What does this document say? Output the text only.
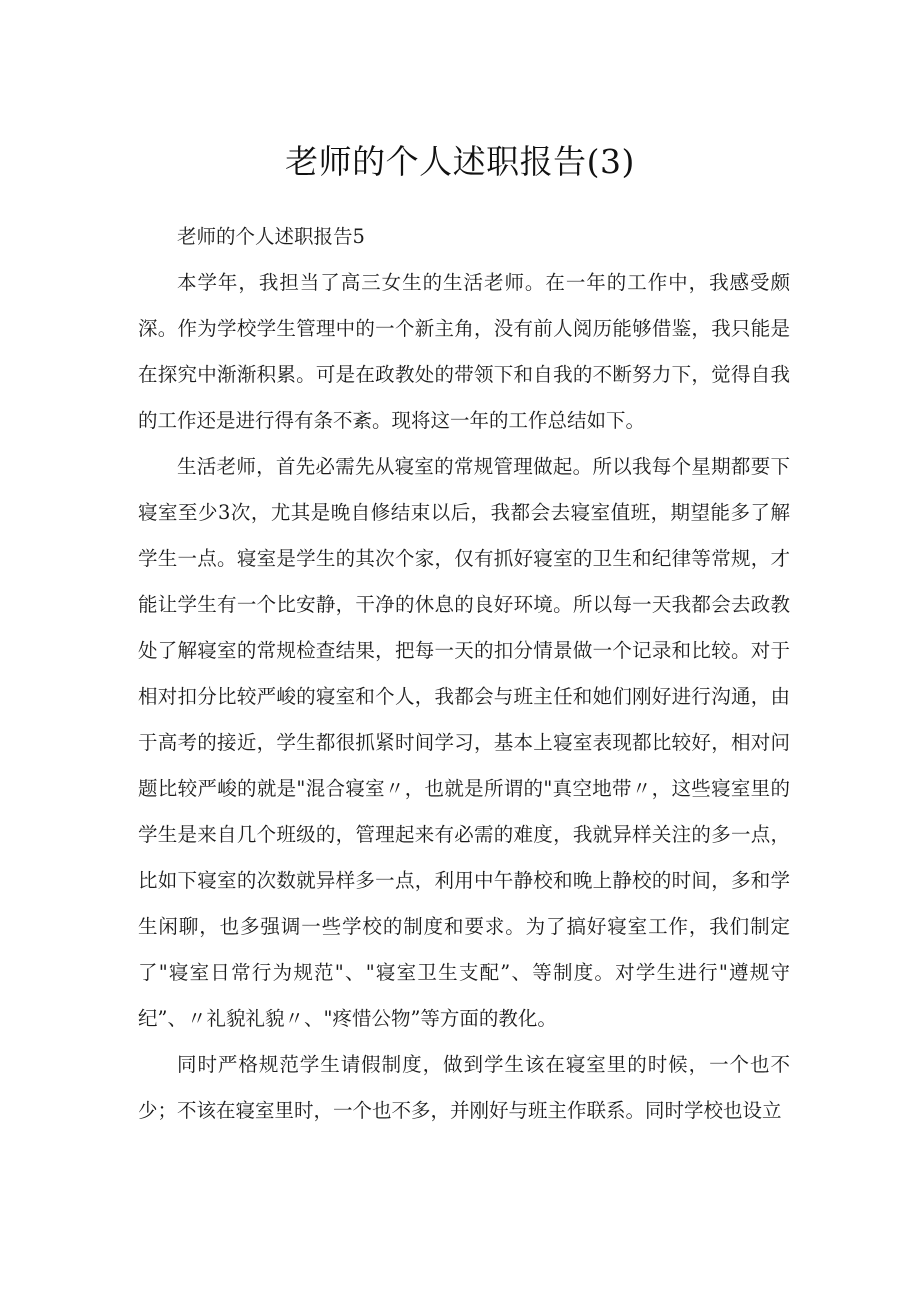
老师的个人述职报告(3)

老师的个人述职报告5

本学年，我担当了高三女生的生活老师。在一年的工作中，我感受颇深。作为学校学生管理中的一个新主角，没有前人阅历能够借鉴，我只能是在探究中渐渐积累。可是在政教处的带领下和自我的不断努力下，觉得自我的工作还是进行得有条不紊。现将这一年的工作总结如下。

生活老师，首先必需先从寝室的常规管理做起。所以我每个星期都要下寝室至少3次，尤其是晚自修结束以后，我都会去寝室值班，期望能多了解学生一点。寝室是学生的其次个家，仅有抓好寝室的卫生和纪律等常规，才能让学生有一个比安静，干净的休息的良好环境。所以每一天我都会去政教处了解寝室的常规检查结果，把每一天的扣分情景做一个记录和比较。对于相对扣分比较严峻的寝室和个人，我都会与班主任和她们刚好进行沟通，由于高考的接近，学生都很抓紧时间学习，基本上寝室表现都比较好，相对问题比较严峻的就是"混合寝室〃，也就是所谓的"真空地带〃，这些寝室里的学生是来自几个班级的，管理起来有必需的难度，我就异样关注的多一点，比如下寝室的次数就异样多一点，利用中午静校和晚上静校的时间，多和学生闲聊，也多强调一些学校的制度和要求。为了搞好寝室工作，我们制定了"寝室日常行为规范"、"寝室卫生支配”、等制度。对学生进行"遵规守纪”、〃礼貌礼貌〃、"疼惜公物”等方面的教化。

同时严格规范学生请假制度，做到学生该在寝室里的时候，一个也不少；不该在寝室里时，一个也不多，并刚好与班主作联系。同时学校也设立
